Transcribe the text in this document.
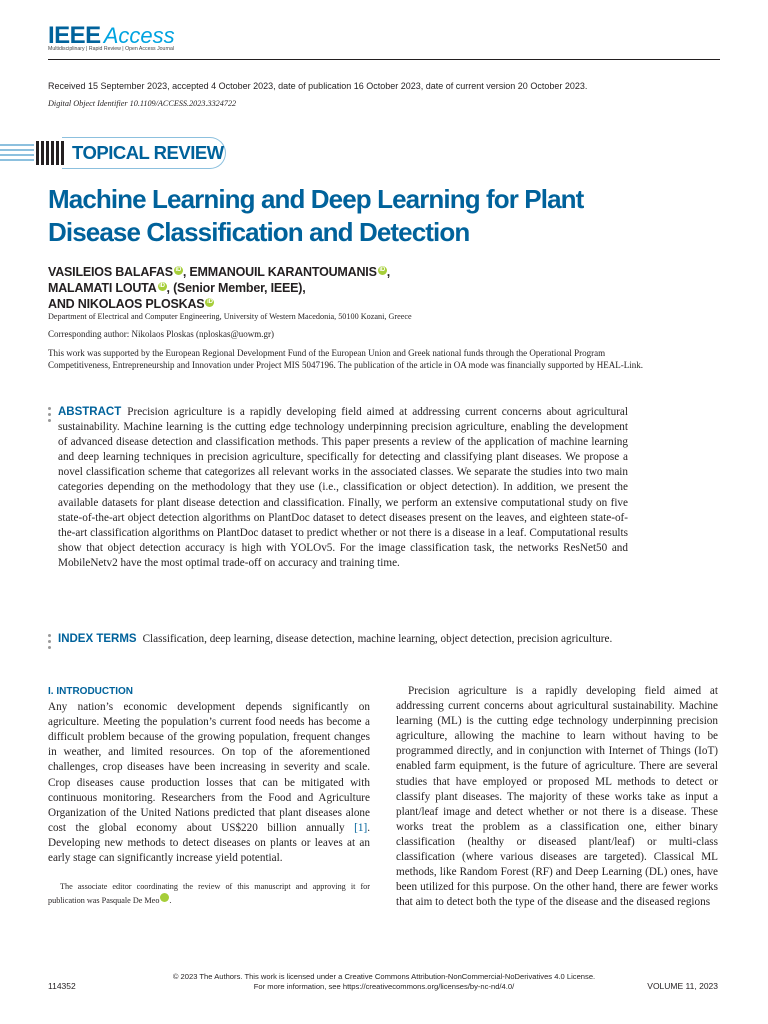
IEEE Access
Multidisciplinary | Rapid Review | Open Access Journal
Received 15 September 2023, accepted 4 October 2023, date of publication 16 October 2023, date of current version 20 October 2023.
Digital Object Identifier 10.1109/ACCESS.2023.3324722
TOPICAL REVIEW
Machine Learning and Deep Learning for Plant Disease Classification and Detection
VASILEIOS BALAFAS iD , EMMANOUIL KARANTOUMANIS iD ,
MALAMATI LOUTA iD , (Senior Member, IEEE),
AND NIKOLAOS PLOSKAS iD
Department of Electrical and Computer Engineering, University of Western Macedonia, 50100 Kozani, Greece
Corresponding author: Nikolaos Ploskas (nploskas@uowm.gr)

This work was supported by the European Regional Development Fund of the European Union and Greek national funds through the Operational Program Competitiveness, Entrepreneurship and Innovation under Project MIS 5047196. The publication of the article in OA mode was financially supported by HEAL-Link.

ABSTRACT Precision agriculture is a rapidly developing field aimed at addressing current concerns about agricultural sustainability. Machine learning is the cutting edge technology underpinning precision agriculture, enabling the development of advanced disease detection and classification methods. This paper presents a review of the application of machine learning and deep learning techniques in precision agriculture, specifically for detecting and classifying plant diseases. We propose a novel classification scheme that categorizes all relevant works in the associated classes. We separate the studies into two main categories depending on the methodology that they use (i.e., classification or object detection). In addition, we present the available datasets for plant disease detection and classification. Finally, we perform an extensive computational study on five state-of-the-art object detection algorithms on PlantDoc dataset to detect diseases present on the leaves, and eighteen state-of-the-art classification algorithms on PlantDoc dataset to predict whether or not there is a disease in a leaf. Computational results show that object detection accuracy is high with YOLOv5. For the image classification task, the networks ResNet50 and MobileNetv2 have the most optimal trade-off on accuracy and training time.

INDEX TERMS Classification, deep learning, disease detection, machine learning, object detection, precision agriculture.

I. INTRODUCTION

Any nation’s economic development depends significantly on agriculture. Meeting the population’s current food needs has become a difficult problem because of the growing population, frequent changes in weather, and limited resources. On top of the aforementioned challenges, crop diseases have been increasing in severity and scale. Crop diseases cause production losses that can be mitigated with continuous monitoring. Researchers from the Food and Agriculture Organization of the United Nations predicted that plant diseases alone cost the global economy about US$220 billion annually [1]. Developing new methods to detect diseases on plants or leaves at an early stage can significantly increase yield potential.

The associate editor coordinating the review of this manuscript and approving it for publication was Pasquale De Meo iD.

Precision agriculture is a rapidly developing field aimed at addressing current concerns about agricultural sustainability. Machine learning (ML) is the cutting edge technology underpinning precision agriculture, allowing the machine to learn without having to be programmed directly, and in conjunction with Internet of Things (IoT) enabled farm equipment, is the future of agriculture. There are several studies that have employed or proposed ML methods to detect or classify plant diseases. The majority of these works take as input a plant/leaf image and detect whether or not there is a disease. These works treat the problem as a classification one, either binary classification (healthy or diseased plant/leaf) or multi-class classification (where various diseases are targeted). Classical ML methods, like Random Forest (RF) and Deep Learning (DL) ones, have been utilized for this purpose. On the other hand, there are fewer works that aim to detect both the type of the disease and the diseased regions

114352
© 2023 The Authors. This work is licensed under a Creative Commons Attribution-NonCommercial-NoDerivatives 4.0 License.
For more information, see https://creativecommons.org/licenses/by-nc-nd/4.0/	VOLUME 11, 2023
